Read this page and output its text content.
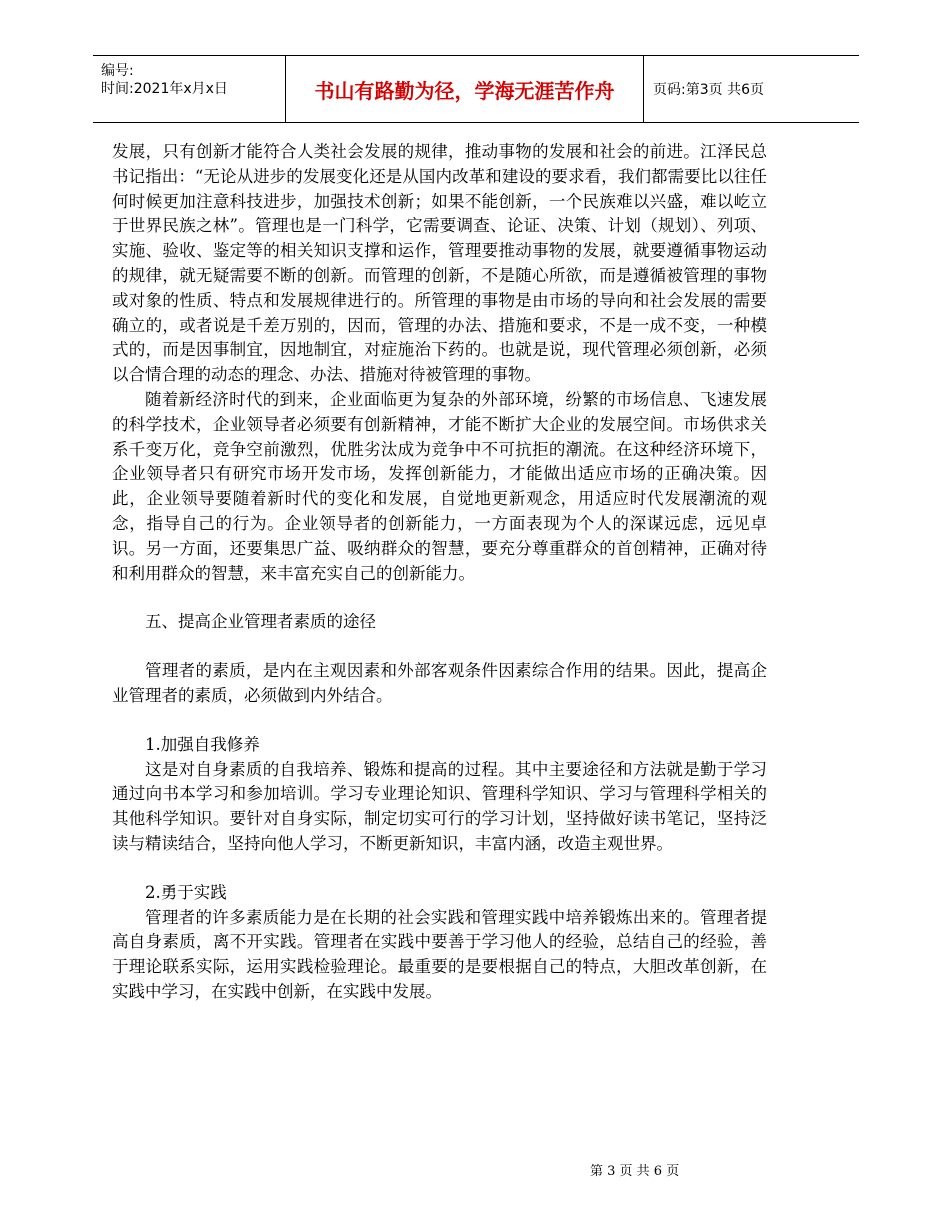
编号:
时间:2021年x月x日	书山有路勤为径，学海无涯苦作舟	页码:第3页 共6页

发展，只有创新才能符合人类社会发展的规律，推动事物的发展和社会的前进。江泽民总书记指出：“无论从进步的发展变化还是从国内改革和建设的要求看，我们都需要比以往任何时候更加注意科技进步，加强技术创新；如果不能创新，一个民族难以兴盛，难以屹立于世界民族之林”。管理也是一门科学，它需要调查、论证、决策、计划（规划）、列项、实施、验收、鉴定等的相关知识支撑和运作，管理要推动事物的发展，就要遵循事物运动的规律，就无疑需要不断的创新。而管理的创新，不是随心所欲，而是遵循被管理的事物或对象的性质、特点和发展规律进行的。所管理的事物是由市场的导向和社会发展的需要确立的，或者说是千差万别的，因而，管理的办法、措施和要求，不是一成不变，一种模式的，而是因事制宜，因地制宜，对症施治下药的。也就是说，现代管理必须创新，必须以合情合理的动态的理念、办法、措施对待被管理的事物。

随着新经济时代的到来，企业面临更为复杂的外部环境，纷繁的市场信息、飞速发展的科学技术，企业领导者必须要有创新精神，才能不断扩大企业的发展空间。市场供求关系千变万化，竞争空前激烈，优胜劣汰成为竞争中不可抗拒的潮流。在这种经济环境下，企业领导者只有研究市场开发市场，发挥创新能力，才能做出适应市场的正确决策。因此，企业领导要随着新时代的变化和发展，自觉地更新观念，用适应时代发展潮流的观念，指导自己的行为。企业领导者的创新能力，一方面表现为个人的深谋远虑，远见卓识。另一方面，还要集思广益、吸纳群众的智慧，要充分尊重群众的首创精神，正确对待和利用群众的智慧，来丰富充实自己的创新能力。

五、提高企业管理者素质的途径

管理者的素质，是内在主观因素和外部客观条件因素综合作用的结果。因此，提高企业管理者的素质，必须做到内外结合。

1.加强自我修养

这是对自身素质的自我培养、锻炼和提高的过程。其中主要途径和方法就是勤于学习通过向书本学习和参加培训。学习专业理论知识、管理科学知识、学习与管理科学相关的其他科学知识。要针对自身实际，制定切实可行的学习计划，坚持做好读书笔记，坚持泛读与精读结合，坚持向他人学习，不断更新知识，丰富内涵，改造主观世界。

2.勇于实践

管理者的许多素质能力是在长期的社会实践和管理实践中培养锻炼出来的。管理者提高自身素质，离不开实践。管理者在实践中要善于学习他人的经验，总结自己的经验，善于理论联系实际，运用实践检验理论。最重要的是要根据自己的特点，大胆改革创新，在实践中学习，在实践中创新，在实践中发展。

第 3 页 共 6 页
